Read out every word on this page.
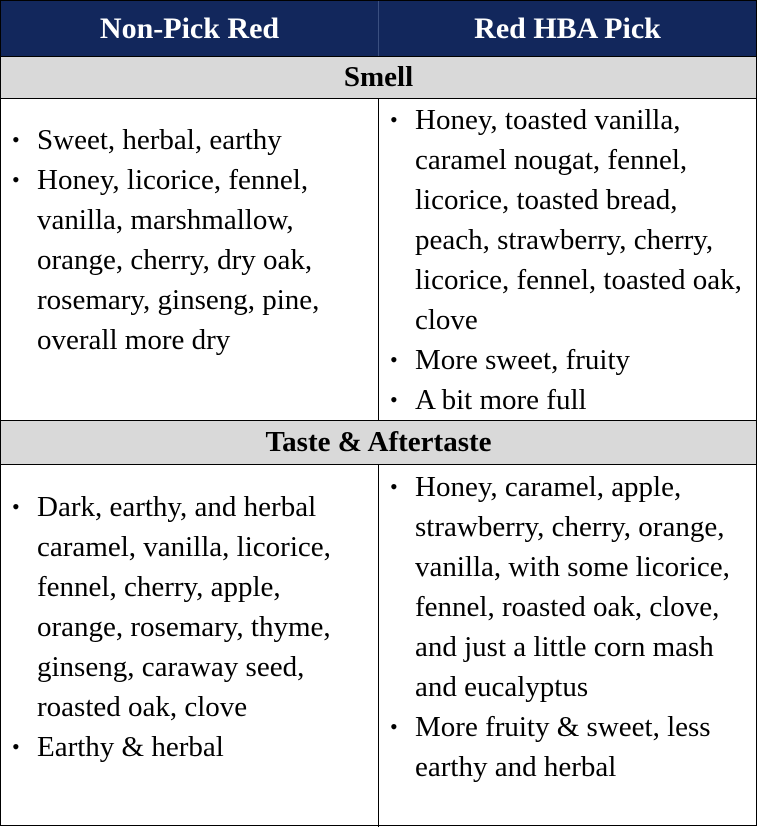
Non-Pick Red	Red HBA Pick
Smell
• Sweet, herbal, earthy
• Honey, licorice, fennel, vanilla, marshmallow, orange, cherry, dry oak, rosemary, ginseng, pine, overall more dry
• Honey, toasted vanilla, caramel nougat, fennel, licorice, toasted bread, peach, strawberry, cherry, licorice, fennel, toasted oak, clove
• More sweet, fruity
• A bit more full
Taste & Aftertaste
• Dark, earthy, and herbal caramel, vanilla, licorice, fennel, cherry, apple, orange, rosemary, thyme, ginseng, caraway seed, roasted oak, clove
• Earthy & herbal
• Honey, caramel, apple, strawberry, cherry, orange, vanilla, with some licorice, fennel, roasted oak, clove, and just a little corn mash and eucalyptus
• More fruity & sweet, less earthy and herbal
